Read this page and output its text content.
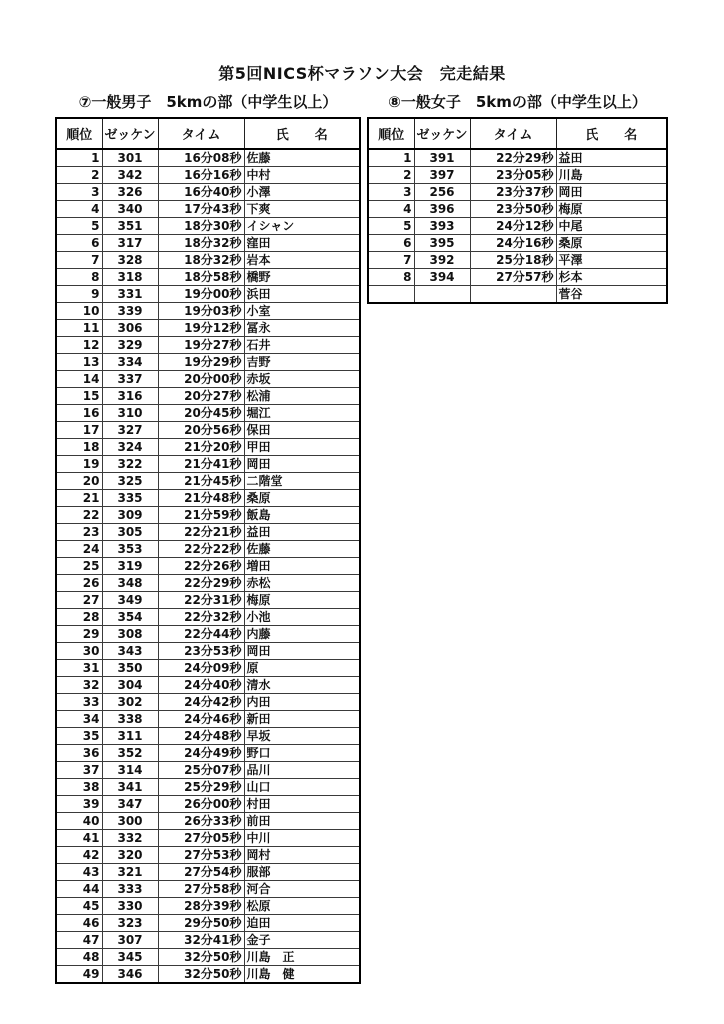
第5回NICS杯マラソン大会　完走結果
⑦一般男子　5kmの部（中学生以上）
順位	ゼッケン	タイム	氏　　名
1	301	16分08秒	佐藤
2	342	16分16秒	中村
3	326	16分40秒	小澤
4	340	17分43秒	下爽
5	351	18分30秒	イシャン
6	317	18分32秒	窪田
7	328	18分32秒	岩本
8	318	18分58秒	橋野
9	331	19分00秒	浜田
10	339	19分03秒	小室
11	306	19分12秒	冨永
12	329	19分27秒	石井
13	334	19分29秒	吉野
14	337	20分00秒	赤坂
15	316	20分27秒	松浦
16	310	20分45秒	堀江
17	327	20分56秒	保田
18	324	21分20秒	甲田
19	322	21分41秒	岡田
20	325	21分45秒	二階堂
21	335	21分48秒	桑原
22	309	21分59秒	飯島
23	305	22分21秒	益田
24	353	22分22秒	佐藤
25	319	22分26秒	増田
26	348	22分29秒	赤松
27	349	22分31秒	梅原
28	354	22分32秒	小池
29	308	22分44秒	内藤
30	343	23分53秒	岡田
31	350	24分09秒	原
32	304	24分40秒	清水
33	302	24分42秒	内田
34	338	24分46秒	新田
35	311	24分48秒	早坂
36	352	24分49秒	野口
37	314	25分07秒	品川
38	341	25分29秒	山口
39	347	26分00秒	村田
40	300	26分33秒	前田
41	332	27分05秒	中川
42	320	27分53秒	岡村
43	321	27分54秒	服部
44	333	27分58秒	河合
45	330	28分39秒	松原
46	323	29分50秒	迫田
47	307	32分41秒	金子
48	345	32分50秒	川島　正
49	346	32分50秒	川島　健
⑧一般女子　5kmの部（中学生以上）
順位	ゼッケン	タイム	氏　　名
1	391	22分29秒	益田
2	397	23分05秒	川島
3	256	23分37秒	岡田
4	396	23分50秒	梅原
5	393	24分12秒	中尾
6	395	24分16秒	桑原
7	392	25分18秒	平澤
8	394	27分57秒	杉本
			菅谷
